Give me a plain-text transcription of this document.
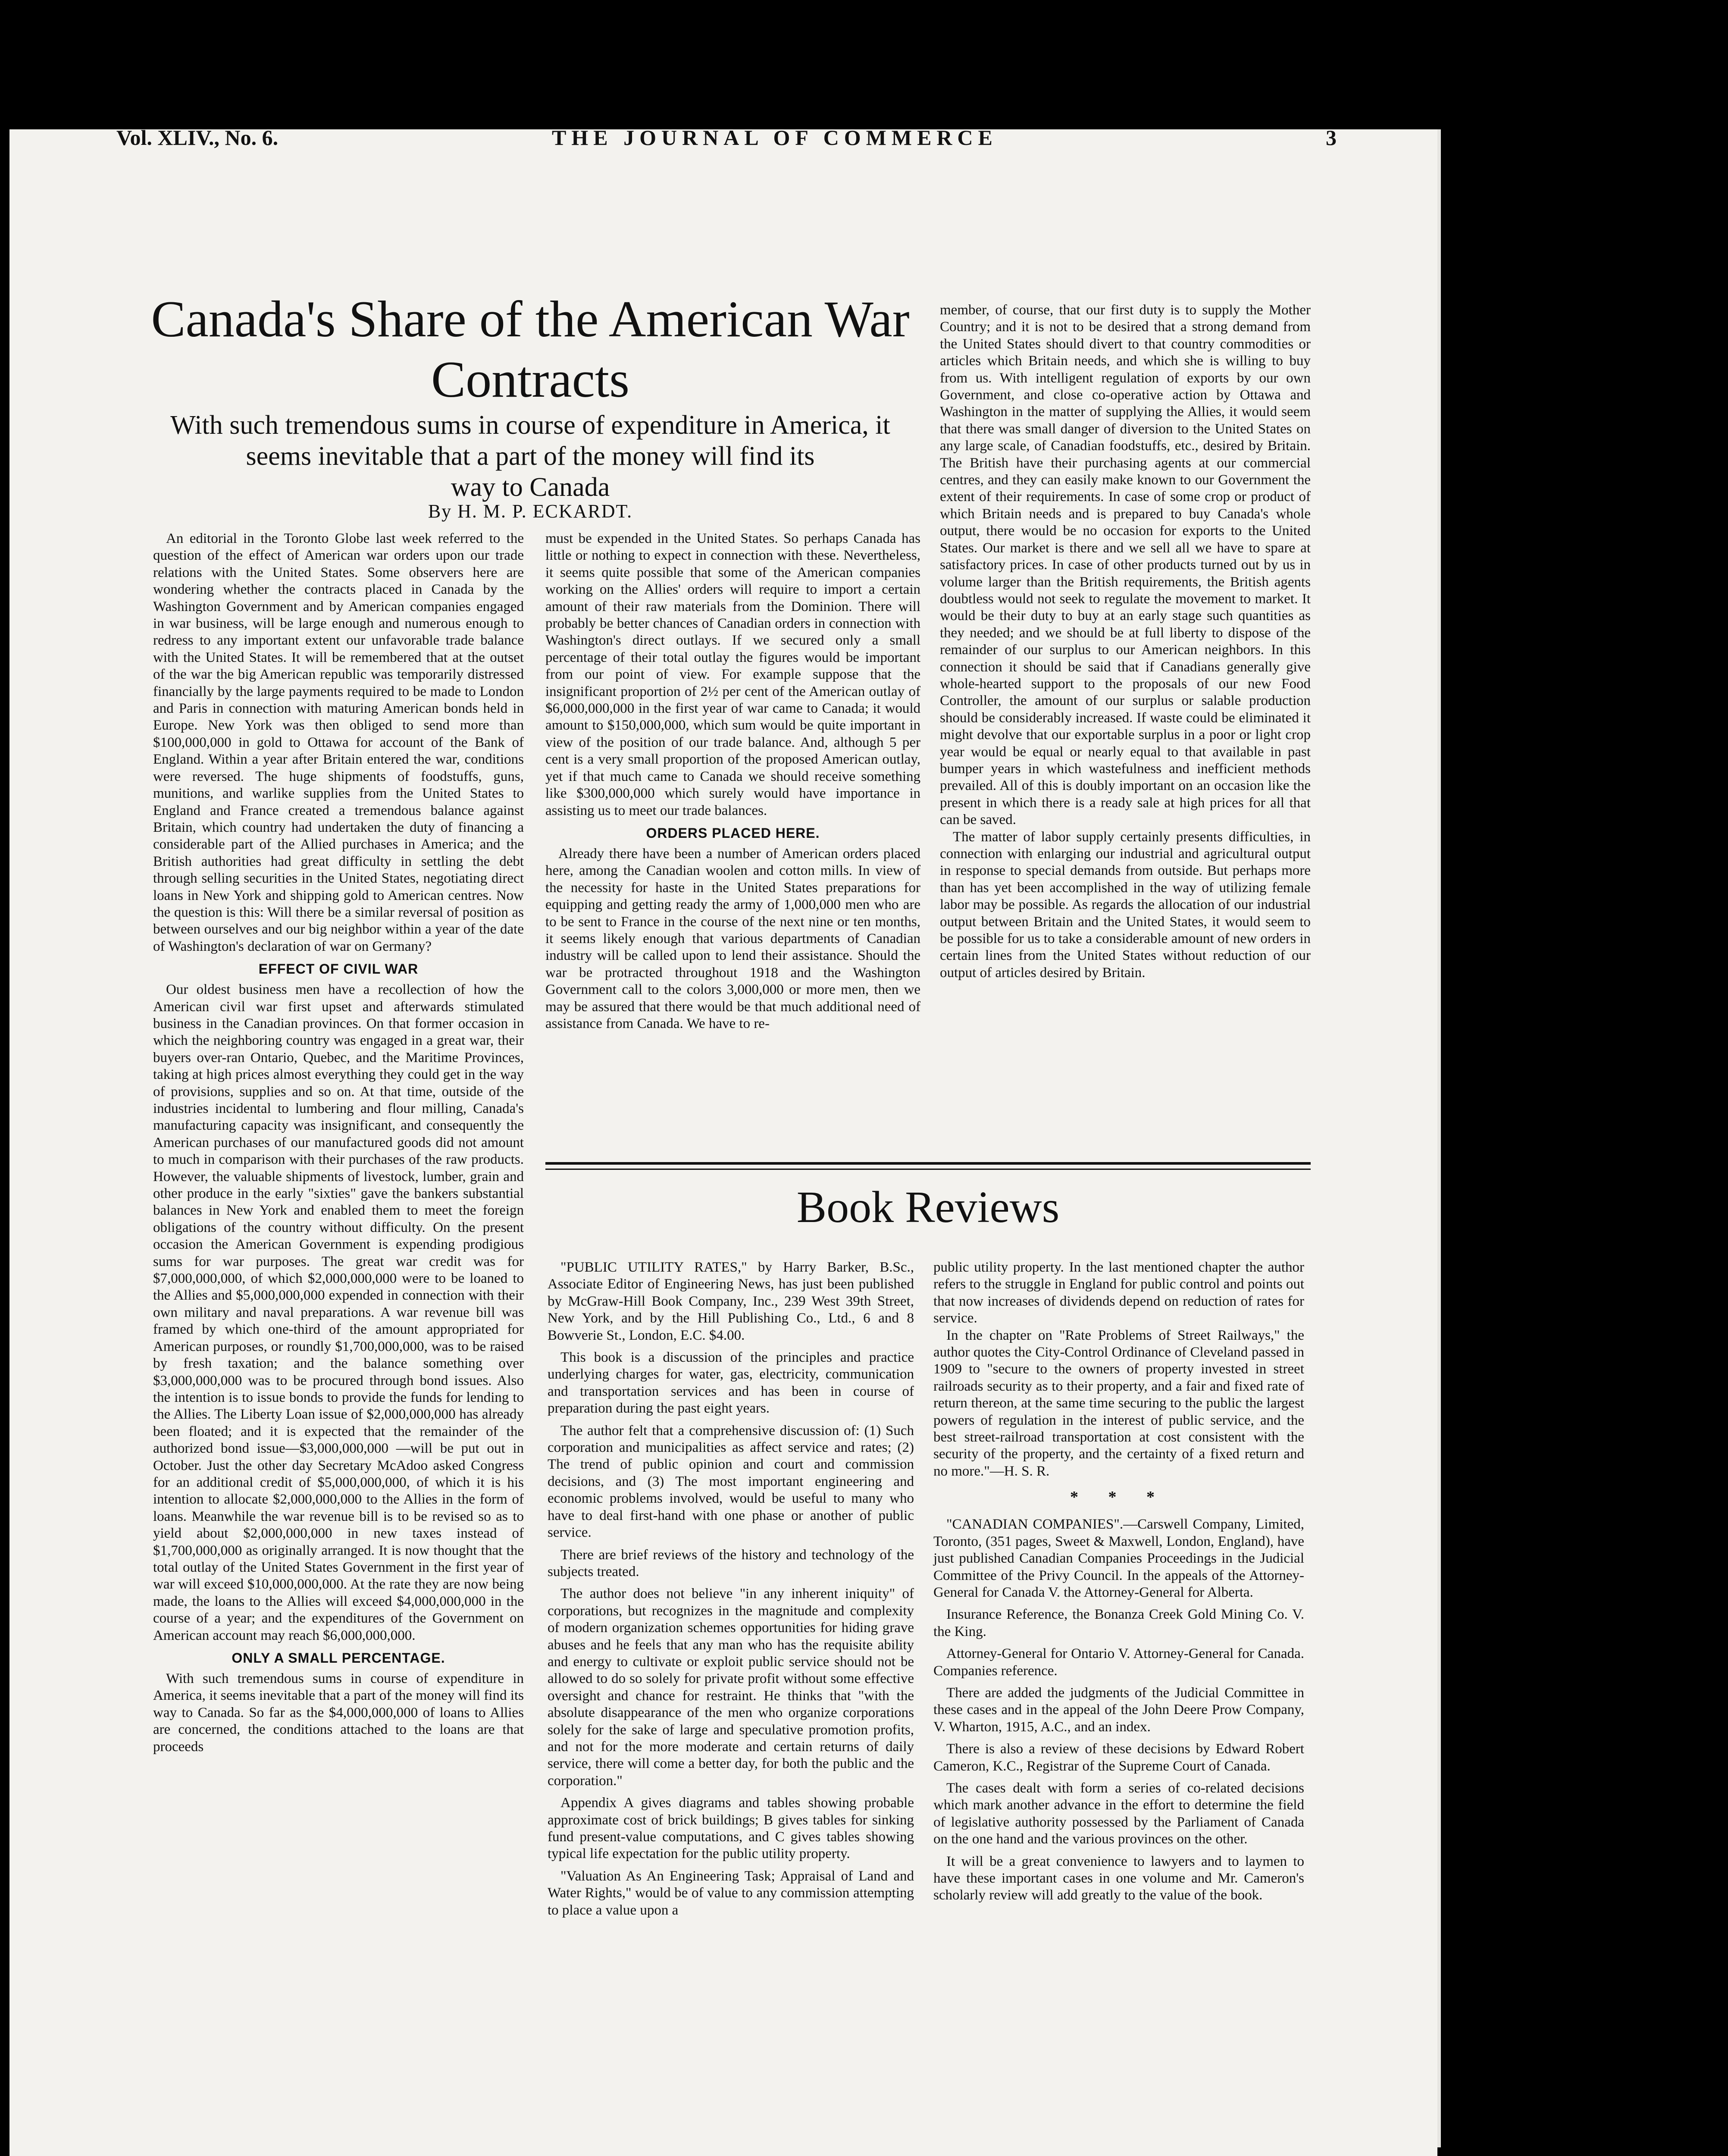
Vol. XLIV., No. 6.	THE JOURNAL OF COMMERCE	3
Canada's Share of the American War
Contracts
With such tremendous sums in course of expenditure in America, it
seems inevitable that a part of the money will find its
way to Canada
By H. M. P. ECKARDT.

An editorial in the Toronto Globe last week referred to the question of the effect of American war orders upon our trade relations with the United States. Some observers here are wondering whether the contracts placed in Canada by the Washington Government and by American companies engaged in war business, will be large enough and numerous enough to redress to any important extent our unfavorable trade balance with the United States. It will be remembered that at the outset of the war the big American republic was temporarily distressed financially by the large payments required to be made to London and Paris in connection with maturing American bonds held in Europe. New York was then obliged to send more than $100,000,000 in gold to Ottawa for account of the Bank of England. Within a year after Britain entered the war, conditions were reversed. The huge shipments of foodstuffs, guns, munitions, and warlike supplies from the United States to England and France created a tremendous balance against Britain, which country had undertaken the duty of financing a considerable part of the Allied purchases in America; and the British authorities had great difficulty in settling the debt through selling securities in the United States, negotiating direct loans in New York and shipping gold to American centres. Now the question is this: Will there be a similar reversal of position as between ourselves and our big neighbor within a year of the date of Washington's declaration of war on Germany?

EFFECT OF CIVIL WAR

Our oldest business men have a recollection of how the American civil war first upset and afterwards stimulated business in the Canadian provinces. On that former occasion in which the neighboring country was engaged in a great war, their buyers over-ran Ontario, Quebec, and the Maritime Provinces, taking at high prices almost everything they could get in the way of provisions, supplies and so on. At that time, outside of the industries incidental to lumbering and flour milling, Canada's manufacturing capacity was insignificant, and consequently the American purchases of our manufactured goods did not amount to much in comparison with their purchases of the raw products. However, the valuable shipments of livestock, lumber, grain and other produce in the early "sixties" gave the bankers substantial balances in New York and enabled them to meet the foreign obligations of the country without difficulty. On the present occasion the American Government is expending prodigious sums for war purposes. The great war credit was for $7,000,000,000, of which $2,000,000,000 were to be loaned to the Allies and $5,000,000,000 expended in connection with their own military and naval preparations. A war revenue bill was framed by which one-third of the amount appropriated for American purposes, or roundly $1,700,000,000, was to be raised by fresh taxation; and the balance something over $3,000,000,000 was to be procured through bond issues. Also the intention is to issue bonds to provide the funds for lending to the Allies. The Liberty Loan issue of $2,000,000,000 has already been floated; and it is expected that the remainder of the authorized bond issue—$3,000,000,000 —will be put out in October. Just the other day Secretary McAdoo asked Congress for an additional credit of $5,000,000,000, of which it is his intention to allocate $2,000,000,000 to the Allies in the form of loans. Meanwhile the war revenue bill is to be revised so as to yield about $2,000,000,000 in new taxes instead of $1,700,000,000 as originally arranged. It is now thought that the total outlay of the United States Government in the first year of war will exceed $10,000,000,000. At the rate they are now being made, the loans to the Allies will exceed $4,000,000,000 in the course of a year; and the expenditures of the Government on American account may reach $6,000,000,000.

ONLY A SMALL PERCENTAGE.

With such tremendous sums in course of expenditure in America, it seems inevitable that a part of the money will find its way to Canada. So far as the $4,000,000,000 of loans to Allies are concerned, the conditions attached to the loans are that proceeds

must be expended in the United States. So perhaps Canada has little or nothing to expect in connection with these. Nevertheless, it seems quite possible that some of the American companies working on the Allies' orders will require to import a certain amount of their raw materials from the Dominion. There will probably be better chances of Canadian orders in connection with Washington's direct outlays. If we secured only a small percentage of their total outlay the figures would be important from our point of view. For example suppose that the insignificant proportion of 2½ per cent of the American outlay of $6,000,000,000 in the first year of war came to Canada; it would amount to $150,000,000, which sum would be quite important in view of the position of our trade balance. And, although 5 per cent is a very small proportion of the proposed American outlay, yet if that much came to Canada we should receive something like $300,000,000 which surely would have importance in assisting us to meet our trade balances.

ORDERS PLACED HERE.

Already there have been a number of American orders placed here, among the Canadian woolen and cotton mills. In view of the necessity for haste in the United States preparations for equipping and getting ready the army of 1,000,000 men who are to be sent to France in the course of the next nine or ten months, it seems likely enough that various departments of Canadian industry will be called upon to lend their assistance. Should the war be protracted throughout 1918 and the Washington Government call to the colors 3,000,000 or more men, then we may be assured that there would be that much additional need of assistance from Canada. We have to re-

member, of course, that our first duty is to supply the Mother Country; and it is not to be desired that a strong demand from the United States should divert to that country commodities or articles which Britain needs, and which she is willing to buy from us. With intelligent regulation of exports by our own Government, and close co-operative action by Ottawa and Washington in the matter of supplying the Allies, it would seem that there was small danger of diversion to the United States on any large scale, of Canadian foodstuffs, etc., desired by Britain. The British have their purchasing agents at our commercial centres, and they can easily make known to our Government the extent of their requirements. In case of some crop or product of which Britain needs and is prepared to buy Canada's whole output, there would be no occasion for exports to the United States. Our market is there and we sell all we have to spare at satisfactory prices. In case of other products turned out by us in volume larger than the British requirements, the British agents doubtless would not seek to regulate the movement to market. It would be their duty to buy at an early stage such quantities as they needed; and we should be at full liberty to dispose of the remainder of our surplus to our American neighbors. In this connection it should be said that if Canadians generally give whole-hearted support to the proposals of our new Food Controller, the amount of our surplus or salable production should be considerably increased. If waste could be eliminated it might devolve that our exportable surplus in a poor or light crop year would be equal or nearly equal to that available in past bumper years in which wastefulness and inefficient methods prevailed. All of this is doubly important on an occasion like the present in which there is a ready sale at high prices for all that can be saved.

The matter of labor supply certainly presents difficulties, in connection with enlarging our industrial and agricultural output in response to special demands from outside. But perhaps more than has yet been accomplished in the way of utilizing female labor may be possible. As regards the allocation of our industrial output between Britain and the United States, it would seem to be possible for us to take a considerable amount of new orders in certain lines from the United States without reduction of our output of articles desired by Britain.

Book Reviews

"PUBLIC UTILITY RATES," by Harry Barker, B.Sc., Associate Editor of Engineering News, has just been published by McGraw-Hill Book Company, Inc., 239 West 39th Street, New York, and by the Hill Publishing Co., Ltd., 6 and 8 Bowverie St., London, E.C. $4.00.

This book is a discussion of the principles and practice underlying charges for water, gas, electricity, communication and transportation services and has been in course of preparation during the past eight years.

The author felt that a comprehensive discussion of: (1) Such corporation and municipalities as affect service and rates; (2) The trend of public opinion and court and commission decisions, and (3) The most important engineering and economic problems involved, would be useful to many who have to deal first-hand with one phase or another of public service.

There are brief reviews of the history and technology of the subjects treated.

The author does not believe "in any inherent iniquity" of corporations, but recognizes in the magnitude and complexity of modern organization schemes opportunities for hiding grave abuses and he feels that any man who has the requisite ability and energy to cultivate or exploit public service should not be allowed to do so solely for private profit without some effective oversight and chance for restraint. He thinks that "with the absolute disappearance of the men who organize corporations solely for the sake of large and speculative promotion profits, and not for the more moderate and certain returns of daily service, there will come a better day, for both the public and the corporation."

Appendix A gives diagrams and tables showing probable approximate cost of brick buildings; B gives tables for sinking fund present-value computations, and C gives tables showing typical life expectation for the public utility property.

"Valuation As An Engineering Task; Appraisal of Land and Water Rights," would be of value to any commission attempting to place a value upon a

public utility property. In the last mentioned chapter the author refers to the struggle in England for public control and points out that now increases of dividends depend on reduction of rates for service.

In the chapter on "Rate Problems of Street Railways," the author quotes the City-Control Ordinance of Cleveland passed in 1909 to "secure to the owners of property invested in street railroads security as to their property, and a fair and fixed rate of return thereon, at the same time securing to the public the largest powers of regulation in the interest of public service, and the best street-railroad transportation at cost consistent with the security of the property, and the certainty of a fixed return and no more."—H. S. R.

* * *

"CANADIAN COMPANIES".—Carswell Company, Limited, Toronto, (351 pages, Sweet & Maxwell, London, England), have just published Canadian Companies Proceedings in the Judicial Committee of the Privy Council. In the appeals of the Attorney-General for Canada V. the Attorney-General for Alberta.

Insurance Reference, the Bonanza Creek Gold Mining Co. V. the King.

Attorney-General for Ontario V. Attorney-General for Canada. Companies reference.

There are added the judgments of the Judicial Committee in these cases and in the appeal of the John Deere Prow Company, V. Wharton, 1915, A.C., and an index.

There is also a review of these decisions by Edward Robert Cameron, K.C., Registrar of the Supreme Court of Canada.

The cases dealt with form a series of co-related decisions which mark another advance in the effort to determine the field of legislative authority possessed by the Parliament of Canada on the one hand and the various provinces on the other.

It will be a great convenience to lawyers and to laymen to have these important cases in one volume and Mr. Cameron's scholarly review will add greatly to the value of the book.
